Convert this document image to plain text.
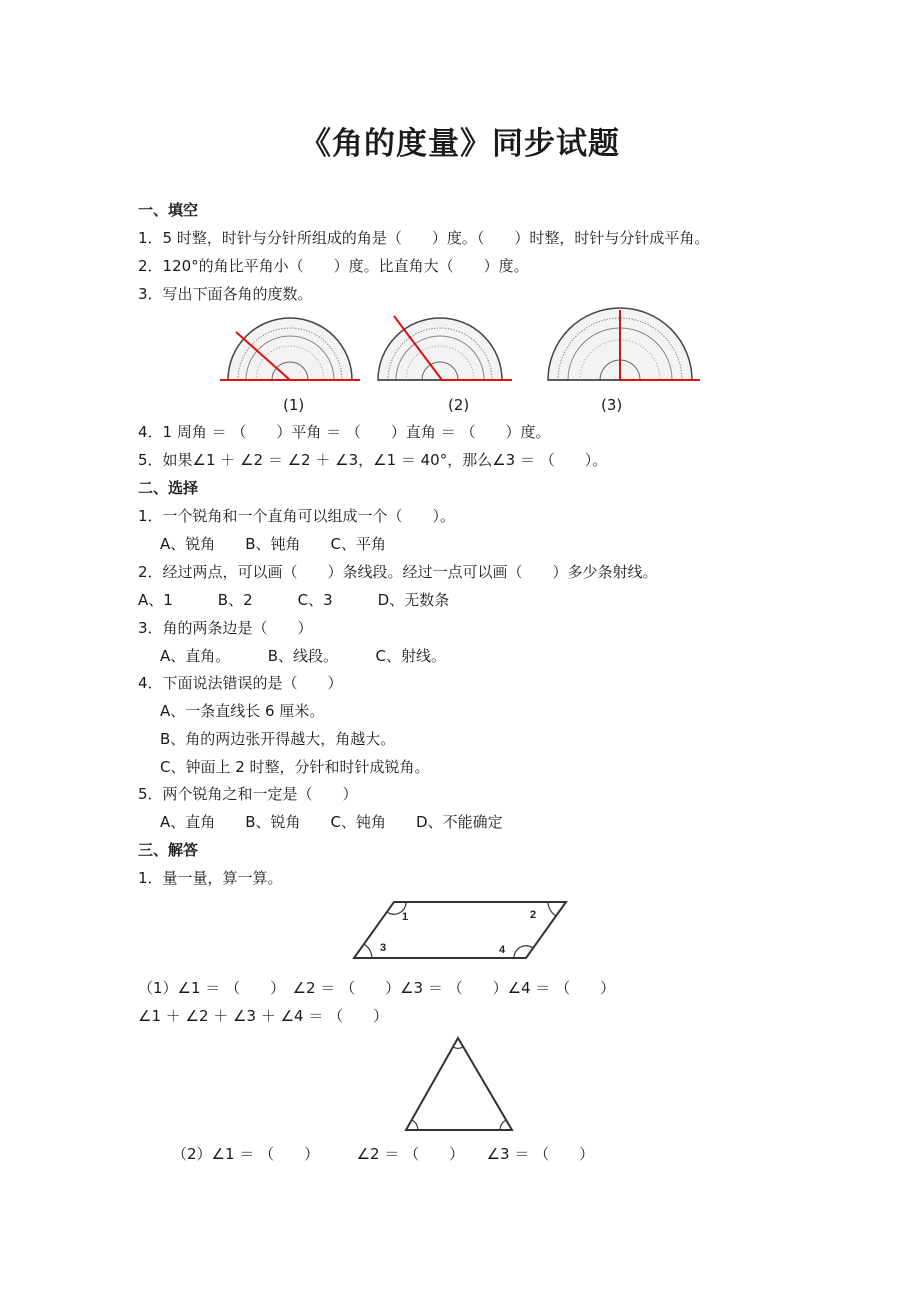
《角的度量》同步试题
一、填空
1．5 时整，时针与分针所组成的角是（　　）度。（　　）时整，时针与分针成平角。
2．120°的角比平角小（　　）度。比直角大（　　）度。
3．写出下面各角的度数。
(1)	(2)	(3)
4．1 周角 ＝ （　　）平角 ＝ （　　）直角 ＝ （　　）度。
5．如果∠1 ＋ ∠2 ＝ ∠2 ＋ ∠3，∠1 ＝ 40°，那么∠3 ＝ （　　）。
二、选择
1．一个锐角和一个直角可以组成一个（　　）。
A、锐角　　B、钝角　　C、平角
2．经过两点，可以画（　　）条线段。经过一点可以画（　　）多少条射线。
A、1　　　B、2　　　C、3　　　D、无数条
3．角的两条边是（　　）
A、直角。　　　B、线段。　　　C、射线。
4．下面说法错误的是（　　）
A、一条直线长 6 厘米。
B、角的两边张开得越大，角越大。
C、钟面上 2 时整，分针和时针成锐角。
5．两个锐角之和一定是（　　）
A、直角　　B、锐角　　C、钝角　　D、不能确定
三、解答
1．量一量，算一算。
1	2
3	4
（1）∠1 ＝ （　　）　∠2 ＝ （　　）∠3 ＝ （　　）∠4 ＝ （　　）
∠1 ＋ ∠2 ＋ ∠3 ＋ ∠4 ＝ （　　）
（2）∠1 ＝ （　　）　　　∠2 ＝ （　　）　　∠3 ＝ （　　）
